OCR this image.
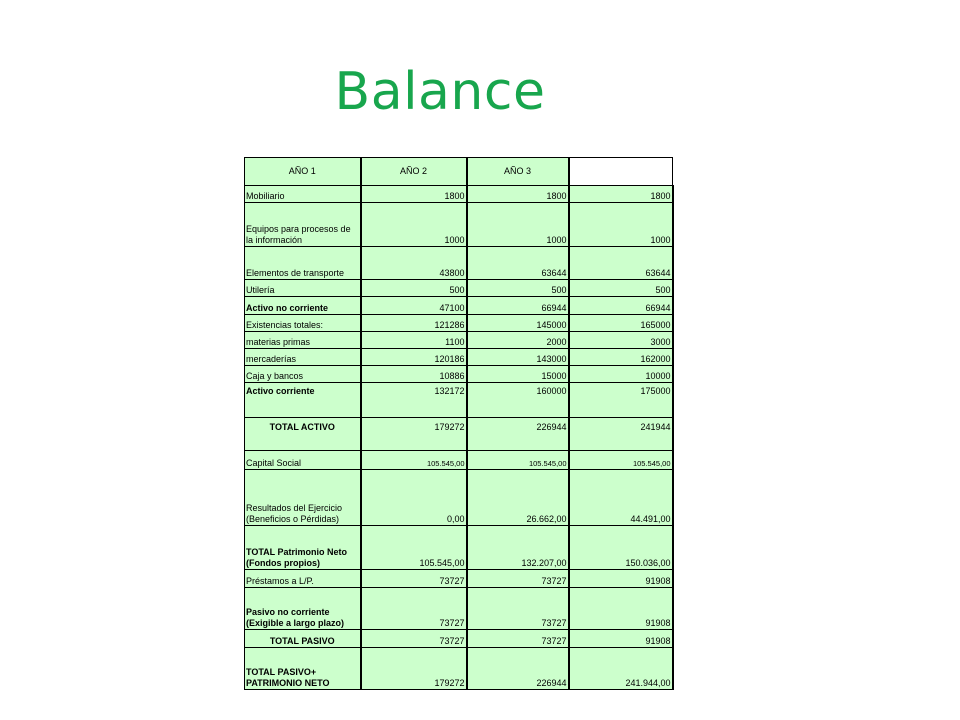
Balance
AÑO 1	AÑO 2	AÑO 3	
Mobiliario	1800	1800	1800
Equipos para procesos de la información	1000	1000	1000
Elementos de transporte	43800	63644	63644
Utilería	500	500	500
Activo no corriente	47100	66944	66944
Existencias totales:	121286	145000	165000
materias primas	1100	2000	3000
mercaderías	120186	143000	162000
Caja y bancos	10886	15000	10000
Activo corriente	132172	160000	175000
TOTAL ACTIVO	179272	226944	241944
Capital Social	105.545,00	105.545,00	105.545,00
Resultados del Ejercicio (Beneficios o Pérdidas)	0,00	26.662,00	44.491,00
TOTAL Patrimonio Neto (Fondos propios)	105.545,00	132.207,00	150.036,00
Préstamos a L/P.	73727	73727	91908
Pasivo no corriente (Exigible a largo plazo)	73727	73727	91908
TOTAL PASIVO	73727	73727	91908
TOTAL PASIVO+ PATRIMONIO NETO	179272	226944	241.944,00
